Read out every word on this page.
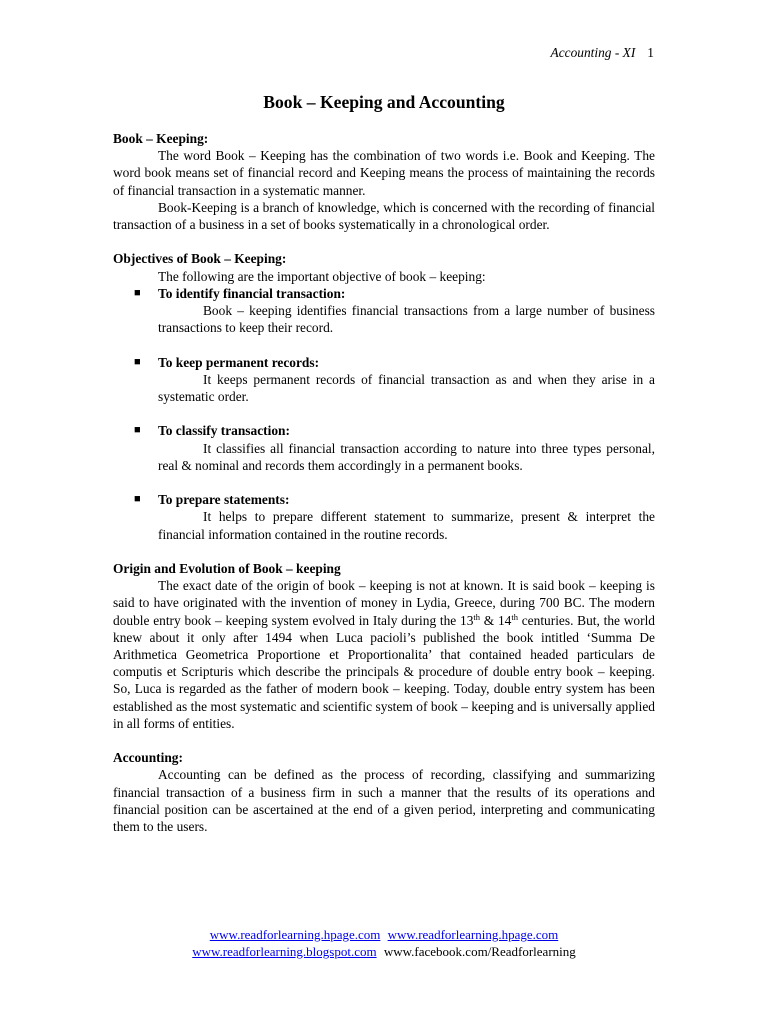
Accounting - XI 1
Book – Keeping and Accounting

Book – Keeping:

The word Book – Keeping has the combination of two words i.e. Book and Keeping. The word book means set of financial record and Keeping means the process of maintaining the records of financial transaction in a systematic manner.

Book-Keeping is a branch of knowledge, which is concerned with the recording of financial transaction of a business in a set of books systematically in a chronological order.

Objectives of Book – Keeping:

The following are the important objective of book – keeping:

■ To identify financial transaction:

Book – keeping identifies financial transactions from a large number of business transactions to keep their record.

■ To keep permanent records:

It keeps permanent records of financial transaction as and when they arise in a systematic order.

■ To classify transaction:

It classifies all financial transaction according to nature into three types personal, real & nominal and records them accordingly in a permanent books.

■ To prepare statements:

It helps to prepare different statement to summarize, present & interpret the financial information contained in the routine records.

Origin and Evolution of Book – keeping

The exact date of the origin of book – keeping is not at known. It is said book – keeping is said to have originated with the invention of money in Lydia, Greece, during 700 BC. The modern double entry book – keeping system evolved in Italy during the 13th & 14th centuries. But, the world knew about it only after 1494 when Luca pacioli’s published the book intitled ‘Summa De Arithmetica Geometrica Proportione et Proportionalita’ that contained headed particulars de computis et Scripturis which describe the principals & procedure of double entry book – keeping. So, Luca is regarded as the father of modern book – keeping. Today, double entry system has been established as the most systematic and scientific system of book – keeping and is universally applied in all forms of entities.

Accounting:

Accounting can be defined as the process of recording, classifying and summarizing financial transaction of a business firm in such a manner that the results of its operations and financial position can be ascertained at the end of a given period, interpreting and communicating them to the users.

www.readforlearning.hpage.com www.readforlearning.hpage.com
www.readforlearning.blogspot.com www.facebook.com/Readforlearning
